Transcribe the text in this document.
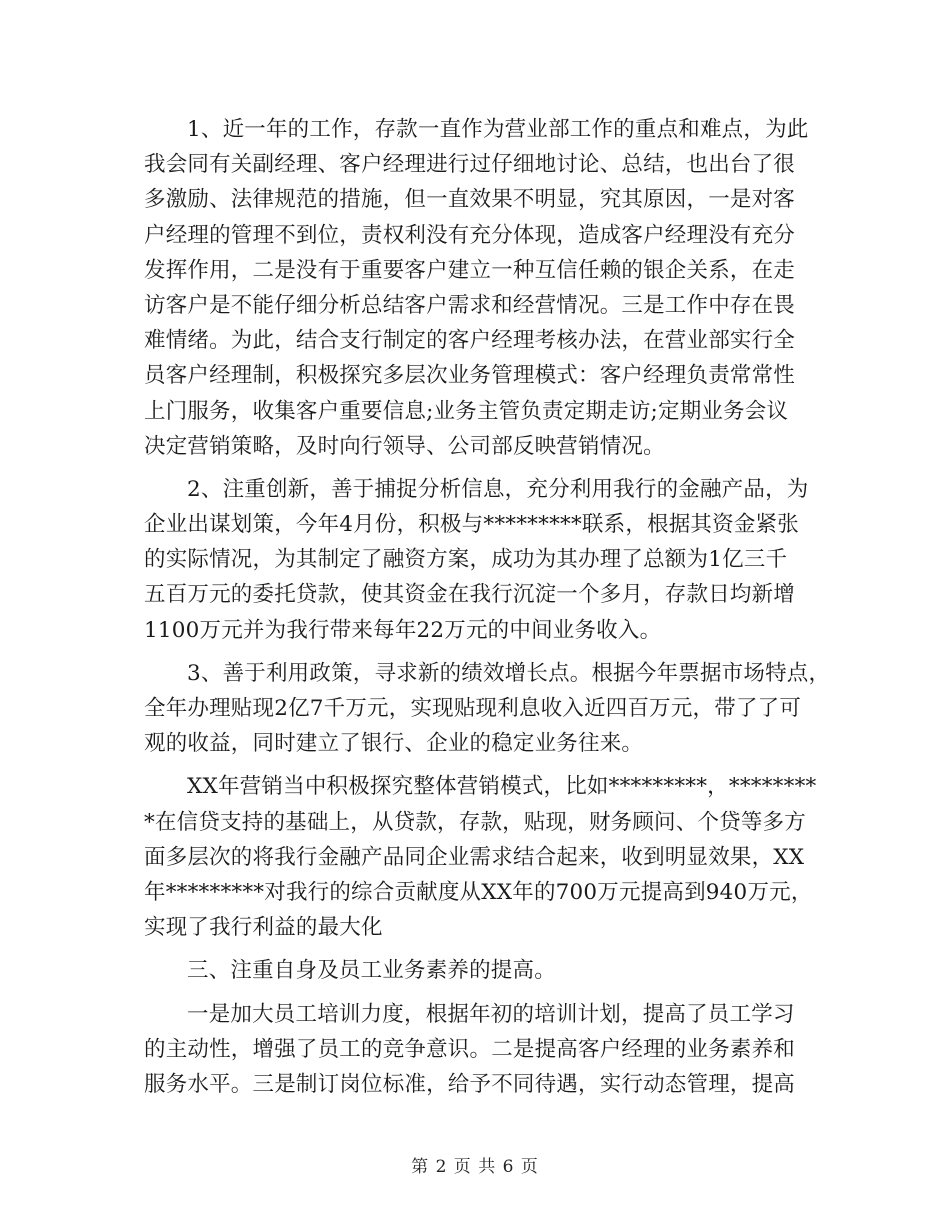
1、近一年的工作，存款一直作为营业部工作的重点和难点，为此
我会同有关副经理、客户经理进行过仔细地讨论、总结，也出台了很
多激励、法律规范的措施，但一直效果不明显，究其原因，一是对客
户经理的管理不到位，责权利没有充分体现，造成客户经理没有充分
发挥作用，二是没有于重要客户建立一种互信任赖的银企关系，在走
访客户是不能仔细分析总结客户需求和经营情况。三是工作中存在畏
难情绪。为此，结合支行制定的客户经理考核办法，在营业部实行全
员客户经理制，积极探究多层次业务管理模式：客户经理负责常常性
上门服务，收集客户重要信息;业务主管负责定期走访;定期业务会议
决定营销策略，及时向行领导、公司部反映营销情况。
2、注重创新，善于捕捉分析信息，充分利用我行的金融产品，为
企业出谋划策，今年4月份，积极与*********联系，根据其资金紧张
的实际情况，为其制定了融资方案，成功为其办理了总额为1亿三千
五百万元的委托贷款，使其资金在我行沉淀一个多月，存款日均新增
1100万元并为我行带来每年22万元的中间业务收入。
3、善于利用政策，寻求新的绩效增长点。根据今年票据市场特点，
全年办理贴现2亿7千万元，实现贴现利息收入近四百万元，带了了可
观的收益，同时建立了银行、企业的稳定业务往来。
XX年营销当中积极探究整体营销模式，比如*********，********
*在信贷支持的基础上，从贷款，存款，贴现，财务顾问、个贷等多方
面多层次的将我行金融产品同企业需求结合起来，收到明显效果，XX
年*********对我行的综合贡献度从XX年的700万元提高到940万元，
实现了我行利益的最大化
三、注重自身及员工业务素养的提高。
一是加大员工培训力度，根据年初的培训计划，提高了员工学习
的主动性，增强了员工的竞争意识。二是提高客户经理的业务素养和
服务水平。三是制订岗位标准，给予不同待遇，实行动态管理，提高
第 2 页 共 6 页
